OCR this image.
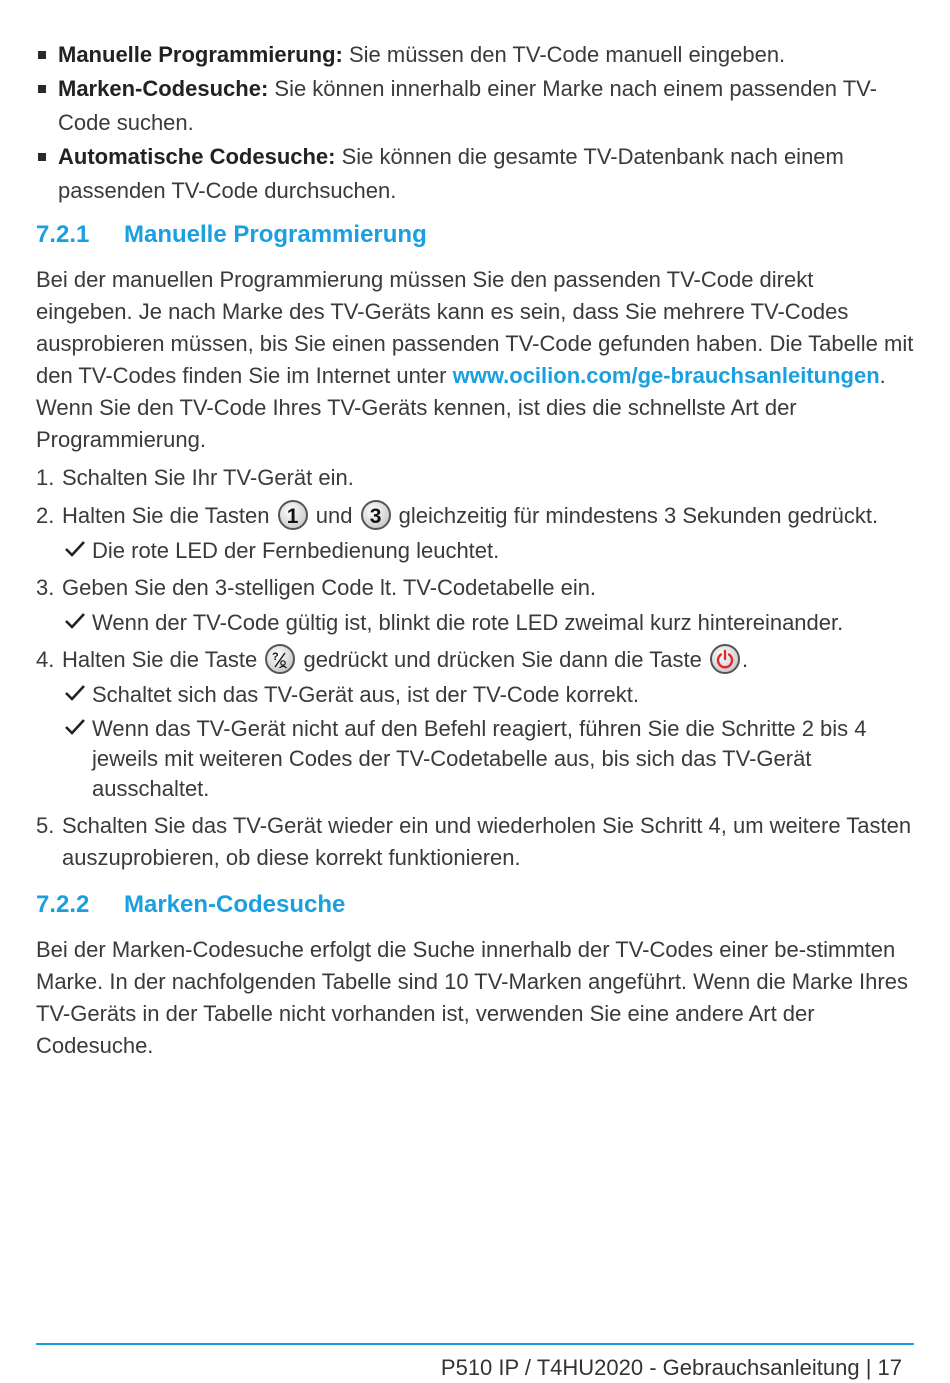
Manuelle Programmierung: Sie müssen den TV-Code manuell eingeben.
Marken-Codesuche: Sie können innerhalb einer Marke nach einem passenden TV-Code suchen.
Automatische Codesuche: Sie können die gesamte TV-Datenbank nach einem passenden TV-Code durchsuchen.
7.2.1 Manuelle Programmierung

Bei der manuellen Programmierung müssen Sie den passenden TV-Code direkt eingeben. Je nach Marke des TV-Geräts kann es sein, dass Sie mehrere TV-Codes ausprobieren müssen, bis Sie einen passenden TV-Code gefunden haben. Die Tabelle mit den TV-Codes finden Sie im Internet unter www.ocilion.com/ge-brauchsanleitungen. Wenn Sie den TV-Code Ihres TV-Geräts kennen, ist dies die schnellste Art der Programmierung.

1. Schalten Sie Ihr TV-Gerät ein.
2. Halten Sie die Tasten 1 und 3 gleichzeitig für mindestens 3 Sekunden gedrückt.
Die rote LED der Fernbedienung leuchtet.
3. Geben Sie den 3-stelligen Code lt. TV-Codetabelle ein.
Wenn der TV-Code gültig ist, blinkt die rote LED zweimal kurz hintereinander.
4. Halten Sie die Taste ? gedrückt und drücken Sie dann die Taste
.
Schaltet sich das TV-Gerät aus, ist der TV-Code korrekt.
Wenn das TV-Gerät nicht auf den Befehl reagiert, führen Sie die Schritte 2 bis 4 jeweils mit weiteren Codes der TV-Codetabelle aus, bis sich das TV-Gerät ausschaltet.
5. Schalten Sie das TV-Gerät wieder ein und wiederholen Sie Schritt 4, um weitere Tasten auszuprobieren, ob diese korrekt funktionieren.
7.2.2 Marken-Codesuche

Bei der Marken-Codesuche erfolgt die Suche innerhalb der TV-Codes einer be-stimmten Marke. In der nachfolgenden Tabelle sind 10 TV-Marken angeführt. Wenn die Marke Ihres TV-Geräts in der Tabelle nicht vorhanden ist, verwenden Sie eine andere Art der Codesuche.

P510 IP / T4HU2020 - Gebrauchsanleitung | 17
